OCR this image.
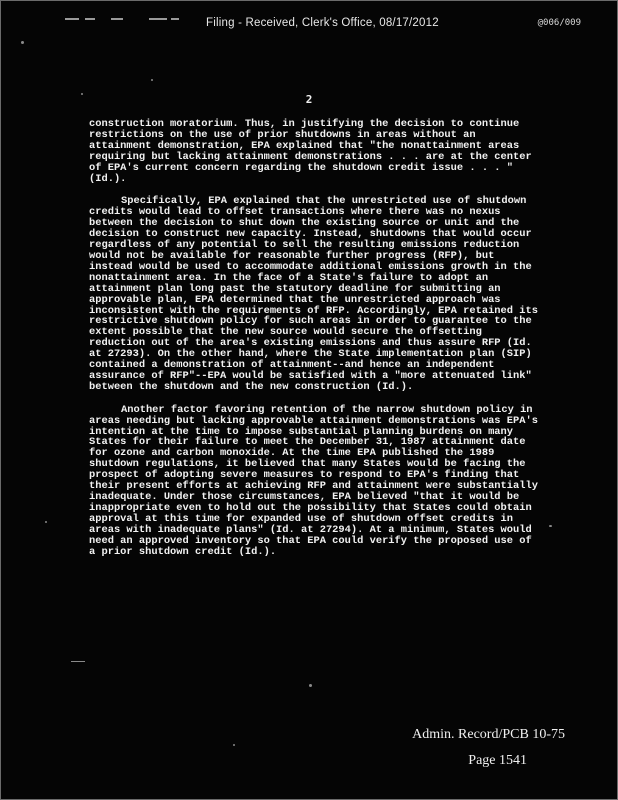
Filing - Received, Clerk's Office, 08/17/2012	@006/009
2

construction moratorium. Thus, in justifying the decision to continue restrictions on the use of prior shutdowns in areas without an attainment demonstration, EPA explained that "the nonattainment areas requiring but lacking attainment demonstrations . . . are at the center of EPA's current concern regarding the shutdown credit issue . . . " (Id.).

Specifically, EPA explained that the unrestricted use of shutdown credits would lead to offset transactions where there was no nexus between the decision to shut down the existing source or unit and the decision to construct new capacity. Instead, shutdowns that would occur regardless of any potential to sell the resulting emissions reduction would not be available for reasonable further progress (RFP), but instead would be used to accommodate additional emissions growth in the nonattainment area. In the face of a State's failure to adopt an attainment plan long past the statutory deadline for submitting an approvable plan, EPA determined that the unrestricted approach was inconsistent with the requirements of RFP. Accordingly, EPA retained its restrictive shutdown policy for such areas in order to guarantee to the extent possible that the new source would secure the offsetting reduction out of the area's existing emissions and thus assure RFP (Id. at 27293). On the other hand, where the State implementation plan (SIP) contained a demonstration of attainment--and hence an independent assurance of RFP"--EPA would be satisfied with a "more attenuated link" between the shutdown and the new construction (Id.).

Another factor favoring retention of the narrow shutdown policy in areas needing but lacking approvable attainment demonstrations was EPA's intention at the time to impose substantial planning burdens on many States for their failure to meet the December 31, 1987 attainment date for ozone and carbon monoxide. At the time EPA published the 1989 shutdown regulations, it believed that many States would be facing the prospect of adopting severe measures to respond to EPA's finding that their present efforts at achieving RFP and attainment were substantially inadequate. Under those circumstances, EPA believed "that it would be inappropriate even to hold out the possibility that States could obtain approval at this time for expanded use of shutdown offset credits in areas with inadequate plans" (Id. at 27294). At a minimum, States would need an approved inventory so that EPA could verify the proposed use of a prior shutdown credit (Id.).

Admin. Record/PCB 10-75
Page 1541
